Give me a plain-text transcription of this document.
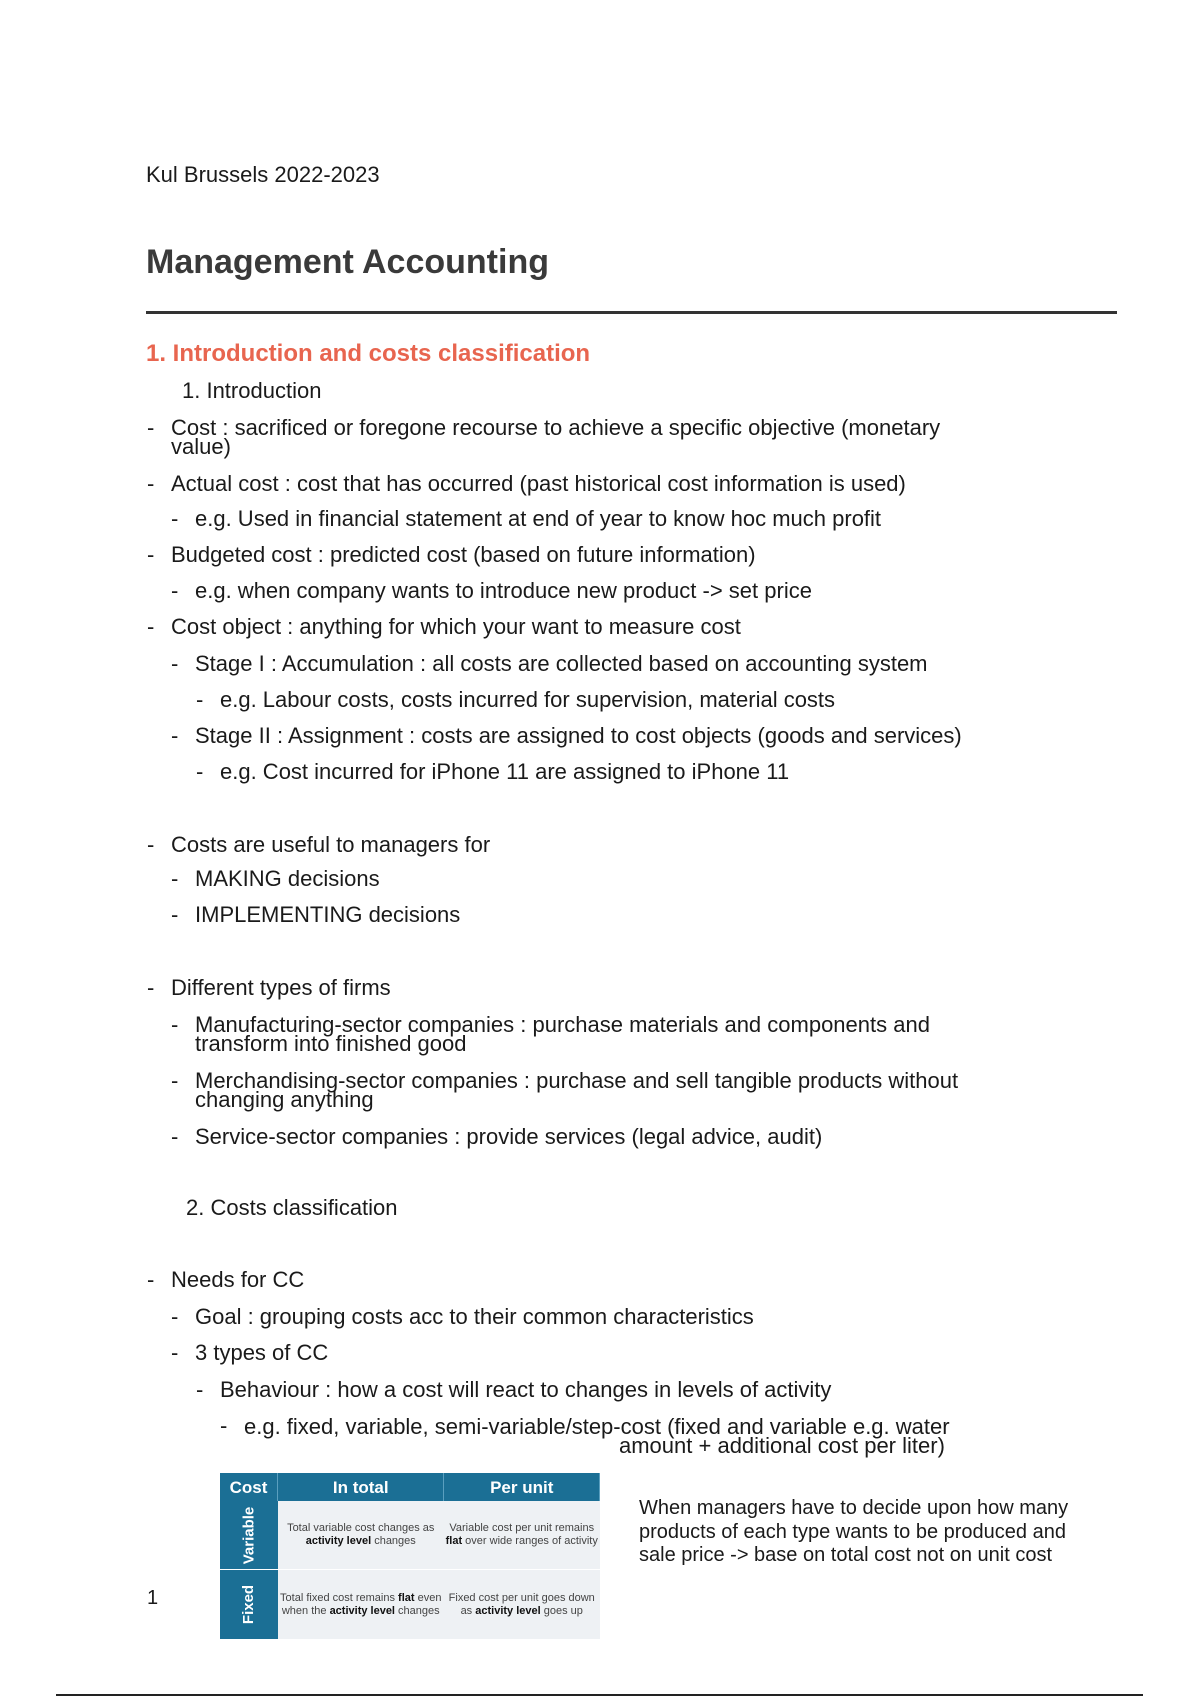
Kul Brussels 2022-2023
Management Accounting
1. Introduction and costs classification
1. Introduction
- Cost : sacrificed or foregone recourse to achieve a specific objective (monetary
value)
- Actual cost : cost that has occurred (past historical cost information is used)
- e.g. Used in financial statement at end of year to know hoc much profit
- Budgeted cost : predicted cost (based on future information)
- e.g. when company wants to introduce new product -> set price
- Cost object : anything for which your want to measure cost
- Stage I : Accumulation : all costs are collected based on accounting system
- e.g. Labour costs, costs incurred for supervision, material costs
- Stage II : Assignment : costs are assigned to cost objects (goods and services)
- e.g. Cost incurred for iPhone 11 are assigned to iPhone 11
- Costs are useful to managers for
- MAKING decisions
- IMPLEMENTING decisions
- Different types of firms
- Manufacturing-sector companies : purchase materials and components and
transform into finished good
- Merchandising-sector companies : purchase and sell tangible products without
changing anything
- Service-sector companies : provide services (legal advice, audit)
2. Costs classification
- Needs for CC
- Goal : grouping costs acc to their common characteristics
- 3 types of CC
- Behaviour : how a cost will react to changes in levels of activity
- e.g. fixed, variable, semi-variable/step-cost (fixed and variable e.g. water
amount + additional cost per liter)
Cost	In total	Per unit
Variable	Total variable cost changes as activity level changes	Variable cost per unit remains flat over wide ranges of activity
Fixed	Total fixed cost remains flat even when the activity level changes	Fixed cost per unit goes down as activity level goes up
When managers have to decide upon how many
products of each type wants to be produced and
sale price -> base on total cost not on unit cost
1
